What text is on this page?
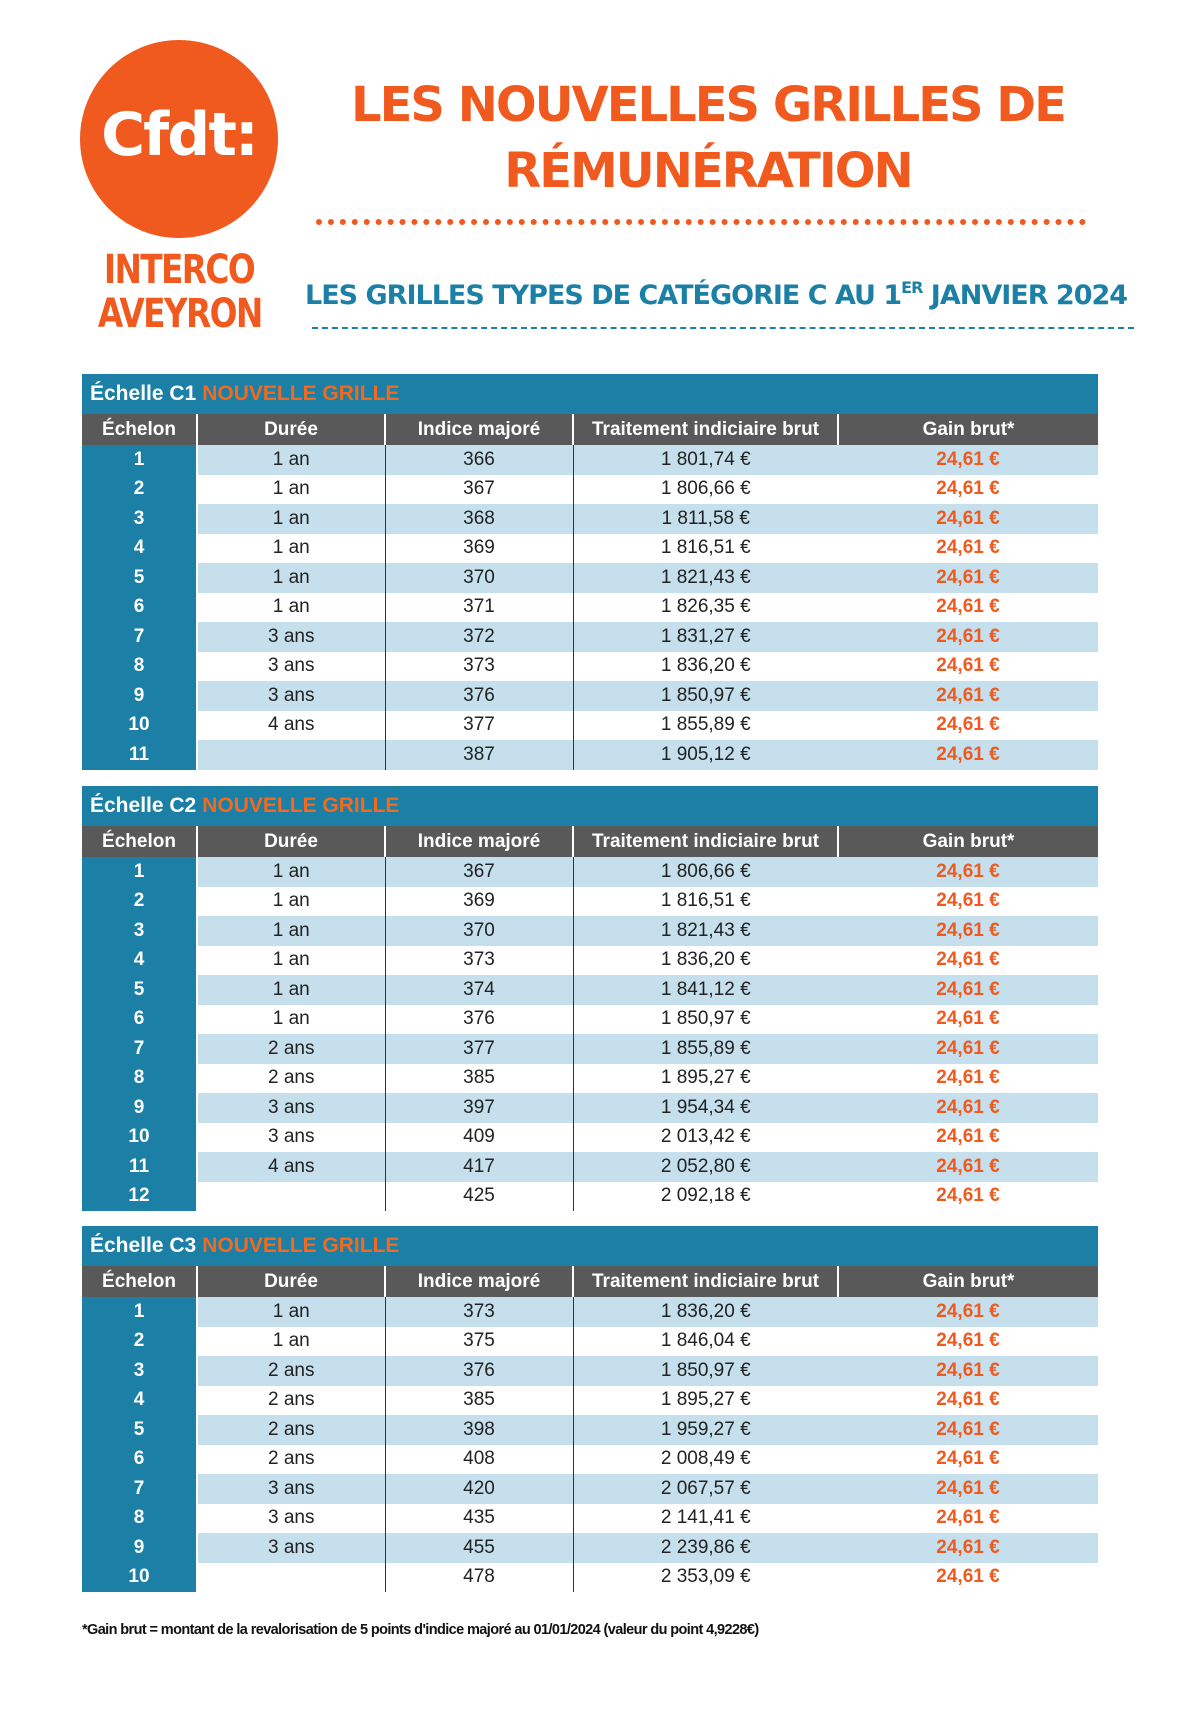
Cfdt:
INTERCO
AVEYRON
LES NOUVELLES GRILLES DE
RÉMUNÉRATION
LES GRILLES TYPES DE CATÉGORIE C AU 1ER JANVIER 2024
Échelle C1 NOUVELLE GRILLE
Échelon	Durée	Indice majoré	Traitement indiciaire brut	Gain brut*
1	1 an	366	1 801,74 €	24,61 €
2	1 an	367	1 806,66 €	24,61 €
3	1 an	368	1 811,58 €	24,61 €
4	1 an	369	1 816,51 €	24,61 €
5	1 an	370	1 821,43 €	24,61 €
6	1 an	371	1 826,35 €	24,61 €
7	3 ans	372	1 831,27 €	24,61 €
8	3 ans	373	1 836,20 €	24,61 €
9	3 ans	376	1 850,97 €	24,61 €
10	4 ans	377	1 855,89 €	24,61 €
11		387	1 905,12 €	24,61 €
Échelle C2 NOUVELLE GRILLE
Échelon	Durée	Indice majoré	Traitement indiciaire brut	Gain brut*
1	1 an	367	1 806,66 €	24,61 €
2	1 an	369	1 816,51 €	24,61 €
3	1 an	370	1 821,43 €	24,61 €
4	1 an	373	1 836,20 €	24,61 €
5	1 an	374	1 841,12 €	24,61 €
6	1 an	376	1 850,97 €	24,61 €
7	2 ans	377	1 855,89 €	24,61 €
8	2 ans	385	1 895,27 €	24,61 €
9	3 ans	397	1 954,34 €	24,61 €
10	3 ans	409	2 013,42 €	24,61 €
11	4 ans	417	2 052,80 €	24,61 €
12		425	2 092,18 €	24,61 €
Échelle C3 NOUVELLE GRILLE
Échelon	Durée	Indice majoré	Traitement indiciaire brut	Gain brut*
1	1 an	373	1 836,20 €	24,61 €
2	1 an	375	1 846,04 €	24,61 €
3	2 ans	376	1 850,97 €	24,61 €
4	2 ans	385	1 895,27 €	24,61 €
5	2 ans	398	1 959,27 €	24,61 €
6	2 ans	408	2 008,49 €	24,61 €
7	3 ans	420	2 067,57 €	24,61 €
8	3 ans	435	2 141,41 €	24,61 €
9	3 ans	455	2 239,86 €	24,61 €
10		478	2 353,09 €	24,61 €
*Gain brut = montant de la revalorisation de 5 points d'indice majoré au 01/01/2024 (valeur du point 4,9228€)
